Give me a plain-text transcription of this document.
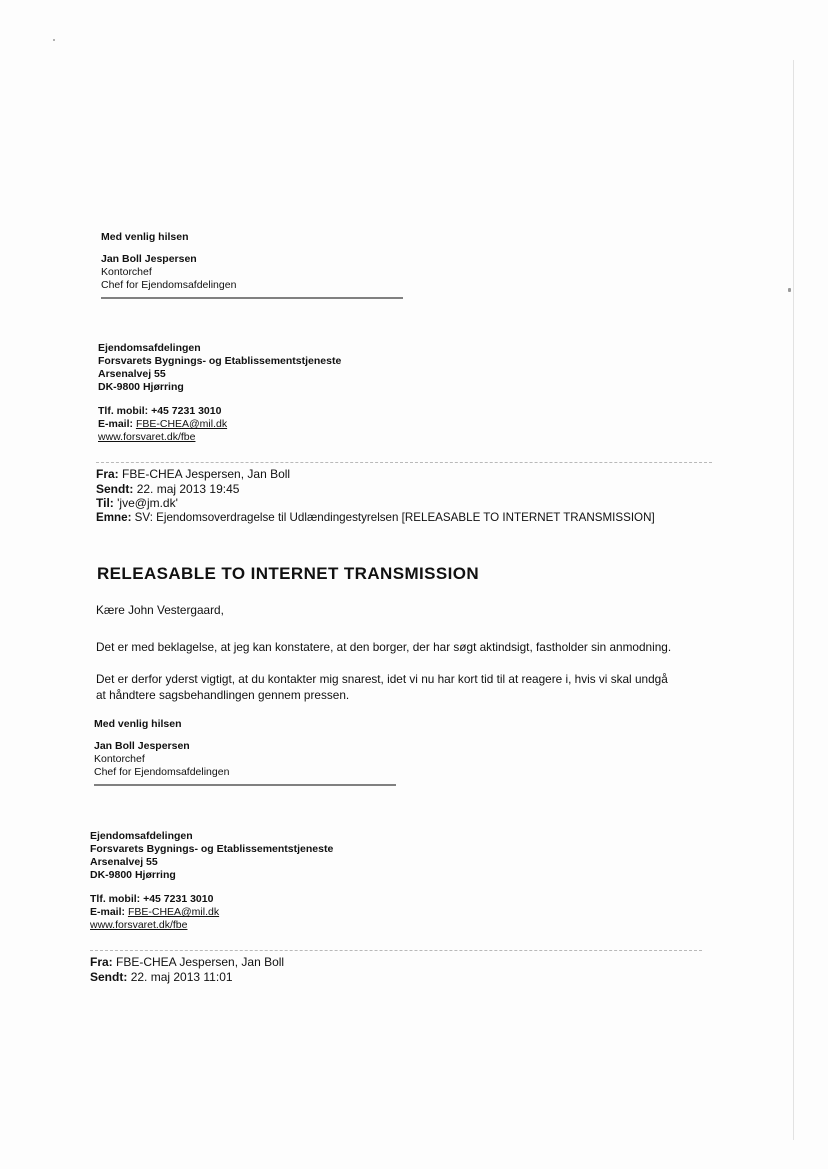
Med venlig hilsen
Jan Boll Jespersen
Kontorchef
Chef for Ejendomsafdelingen
Ejendomsafdelingen
Forsvarets Bygnings- og Etablissementstjeneste
Arsenalvej 55
DK-9800 Hjørring
Tlf. mobil: +45 7231 3010
E-mail: FBE-CHEA@mil.dk
www.forsvaret.dk/fbe
Fra: FBE-CHEA Jespersen, Jan Boll
Sendt: 22. maj 2013 19:45
Til: 'jve@jm.dk'
Emne: SV: Ejendomsoverdragelse til Udlændingestyrelsen [RELEASABLE TO INTERNET TRANSMISSION]
RELEASABLE TO INTERNET TRANSMISSION
Kære John Vestergaard,
Det er med beklagelse, at jeg kan konstatere, at den borger, der har søgt aktindsigt, fastholder sin anmodning.
Det er derfor yderst vigtigt, at du kontakter mig snarest, idet vi nu har kort tid til at reagere i, hvis vi skal undgå
at håndtere sagsbehandlingen gennem pressen.
Med venlig hilsen
Jan Boll Jespersen
Kontorchef
Chef for Ejendomsafdelingen
Ejendomsafdelingen
Forsvarets Bygnings- og Etablissementstjeneste
Arsenalvej 55
DK-9800 Hjørring
Tlf. mobil: +45 7231 3010
E-mail: FBE-CHEA@mil.dk
www.forsvaret.dk/fbe
Fra: FBE-CHEA Jespersen, Jan Boll
Sendt: 22. maj 2013 11:01
